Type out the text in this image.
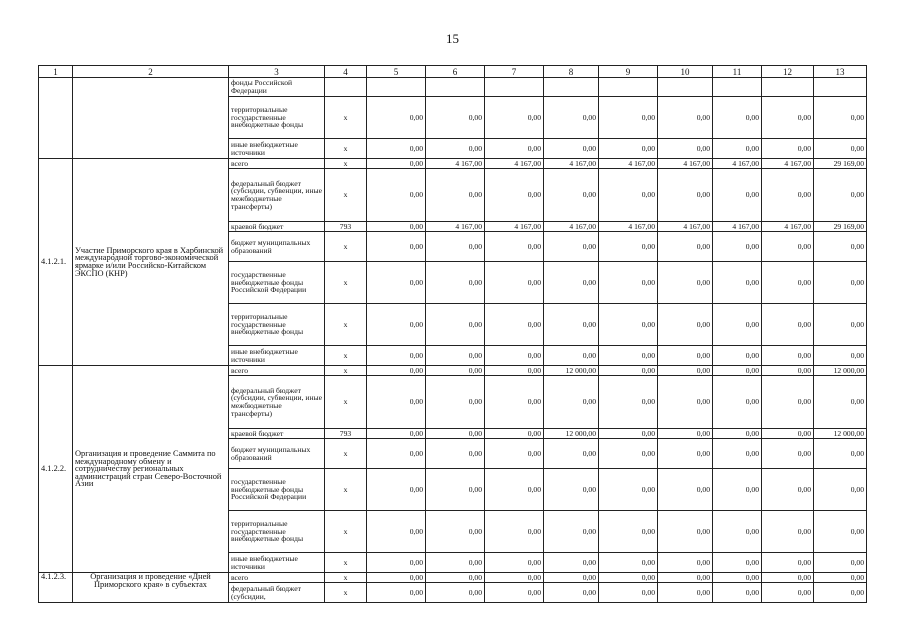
15
1	2	3	4	5	6	7	8	9	10	11	12	13
		фонды Российской Федерации										
		территориальные государственные внебюджетные фонды	x	0,00	0,00	0,00	0,00	0,00	0,00	0,00	0,00	0,00
		иные внебюджетные источники	x	0,00	0,00	0,00	0,00	0,00	0,00	0,00	0,00	0,00
4.1.2.1.	Участие Приморского края в Харбинской международной торгово-экономической ярмарке и/или Российско-Китайском ЭКСПО (КНР)	всего	x	0,00	4 167,00	4 167,00	4 167,00	4 167,00	4 167,00	4 167,00	4 167,00	29 169,00
		федеральный бюджет (субсидии, субвенции, иные межбюджетные трансферты)	x	0,00	0,00	0,00	0,00	0,00	0,00	0,00	0,00	0,00
		краевой бюджет	793	0,00	4 167,00	4 167,00	4 167,00	4 167,00	4 167,00	4 167,00	4 167,00	29 169,00
		бюджет муниципальных образований	x	0,00	0,00	0,00	0,00	0,00	0,00	0,00	0,00	0,00
		государственные внебюджетные фонды Российской Федерации	x	0,00	0,00	0,00	0,00	0,00	0,00	0,00	0,00	0,00
		территориальные государственные внебюджетные фонды	x	0,00	0,00	0,00	0,00	0,00	0,00	0,00	0,00	0,00
		иные внебюджетные источники	x	0,00	0,00	0,00	0,00	0,00	0,00	0,00	0,00	0,00
4.1.2.2.	Организация и проведение Саммита по международному обмену и сотрудничеству региональных администраций стран Северо-Восточной Азии	всего	x	0,00	0,00	0,00	12 000,00	0,00	0,00	0,00	0,00	12 000,00
		федеральный бюджет (субсидии, субвенции, иные межбюджетные трансферты)	x	0,00	0,00	0,00	0,00	0,00	0,00	0,00	0,00	0,00
		краевой бюджет	793	0,00	0,00	0,00	12 000,00	0,00	0,00	0,00	0,00	12 000,00
		бюджет муниципальных образований	x	0,00	0,00	0,00	0,00	0,00	0,00	0,00	0,00	0,00
		государственные внебюджетные фонды Российской Федерации	x	0,00	0,00	0,00	0,00	0,00	0,00	0,00	0,00	0,00
		территориальные государственные внебюджетные фонды	x	0,00	0,00	0,00	0,00	0,00	0,00	0,00	0,00	0,00
		иные внебюджетные источники	x	0,00	0,00	0,00	0,00	0,00	0,00	0,00	0,00	0,00
4.1.2.3.	Организация и проведение «Дней Приморского края» в субъектах	всего	x	0,00	0,00	0,00	0,00	0,00	0,00	0,00	0,00	0,00
		федеральный бюджет (субсидии,	x	0,00	0,00	0,00	0,00	0,00	0,00	0,00	0,00	0,00
